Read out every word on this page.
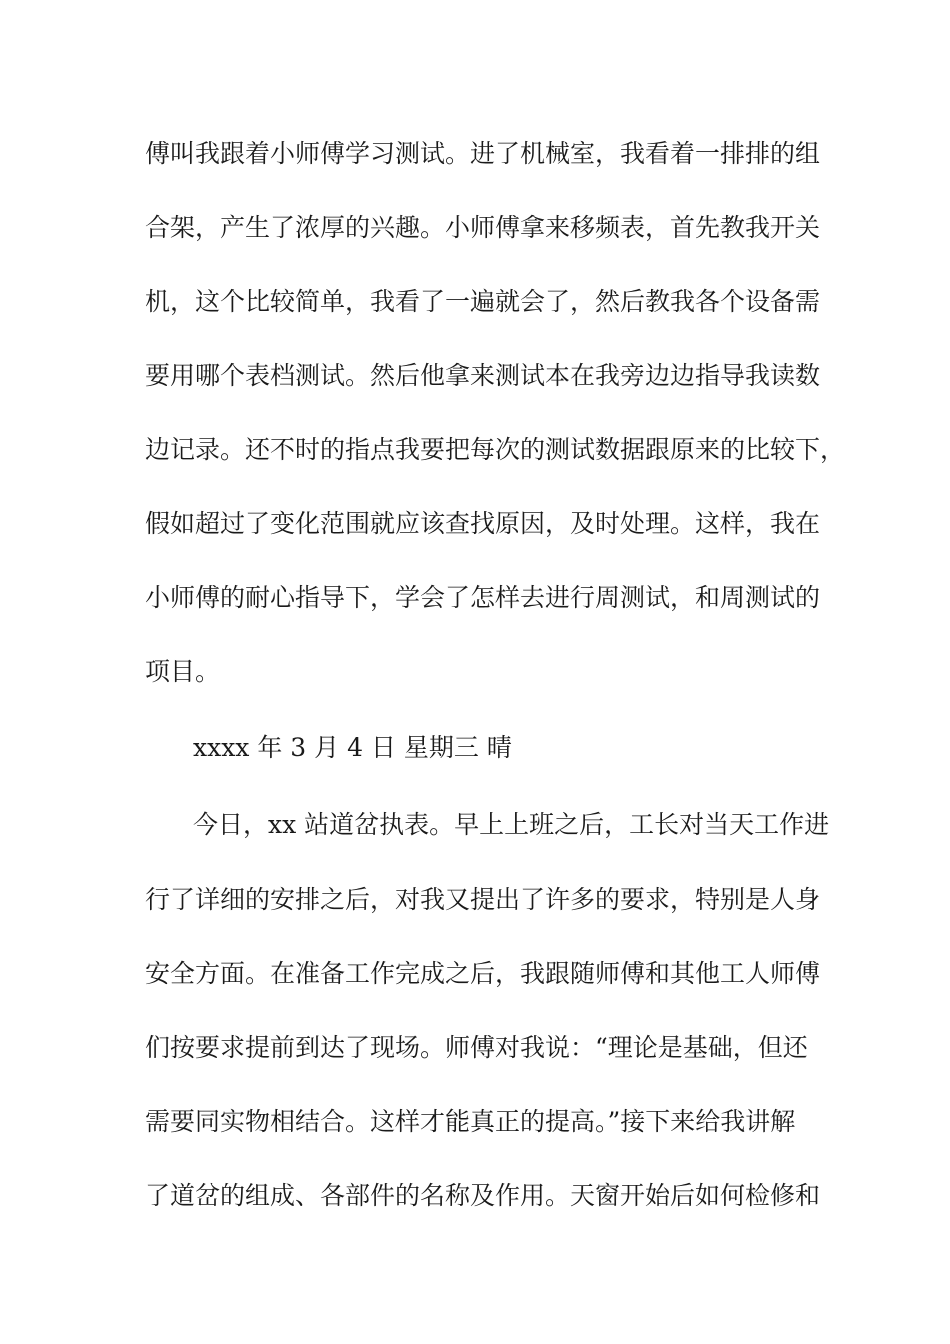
傅叫我跟着小师傅学习测试。进了机械室，我看着一排排的组
合架，产生了浓厚的兴趣。小师傅拿来移频表，首先教我开关
机，这个比较简单，我看了一遍就会了，然后教我各个设备需
要用哪个表档测试。然后他拿来测试本在我旁边边指导我读数
边记录。还不时的指点我要把每次的测试数据跟原来的比较下，
假如超过了变化范围就应该查找原因，及时处理。这样，我在
小师傅的耐心指导下，学会了怎样去进行周测试，和周测试的
项目。
xxxx 年 3 月 4 日 星期三 晴
今日，xx 站道岔执表。早上上班之后，工长对当天工作进
行了详细的安排之后，对我又提出了许多的要求，特别是人身
安全方面。在准备工作完成之后，我跟随师傅和其他工人师傅
们按要求提前到达了现场。师傅对我说：“理论是基础，但还
需要同实物相结合。这样才能真正的提高。”接下来给我讲解
了道岔的组成、各部件的名称及作用。天窗开始后如何检修和
